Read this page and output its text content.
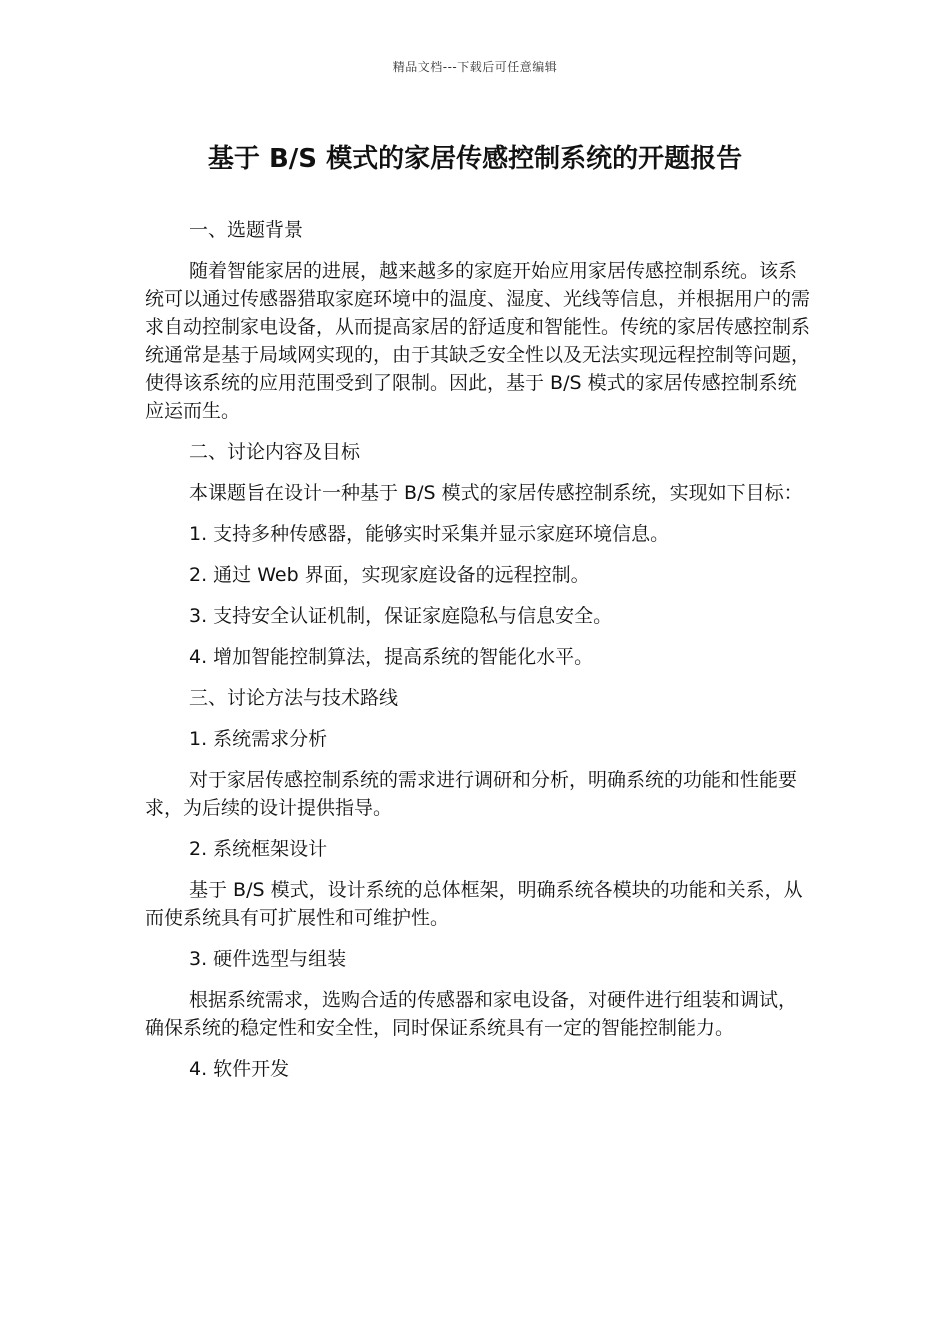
精品文档---下载后可任意编辑
基于 B/S 模式的家居传感控制系统的开题报告

一、选题背景

随着智能家居的进展，越来越多的家庭开始应用家居传感控制系统。该系统可以通过传感器猎取家庭环境中的温度、湿度、光线等信息，并根据用户的需求自动控制家电设备，从而提高家居的舒适度和智能性。传统的家居传感控制系统通常是基于局域网实现的，由于其缺乏安全性以及无法实现远程控制等问题，使得该系统的应用范围受到了限制。因此，基于 B/S 模式的家居传感控制系统应运而生。

二、讨论内容及目标

本课题旨在设计一种基于 B/S 模式的家居传感控制系统，实现如下目标：

1. 支持多种传感器，能够实时采集并显示家庭环境信息。

2. 通过 Web 界面，实现家庭设备的远程控制。

3. 支持安全认证机制，保证家庭隐私与信息安全。

4. 增加智能控制算法，提高系统的智能化水平。

三、讨论方法与技术路线

1. 系统需求分析

对于家居传感控制系统的需求进行调研和分析，明确系统的功能和性能要求，为后续的设计提供指导。

2. 系统框架设计

基于 B/S 模式，设计系统的总体框架，明确系统各模块的功能和关系，从而使系统具有可扩展性和可维护性。

3. 硬件选型与组装

根据系统需求，选购合适的传感器和家电设备，对硬件进行组装和调试，确保系统的稳定性和安全性，同时保证系统具有一定的智能控制能力。

4. 软件开发
